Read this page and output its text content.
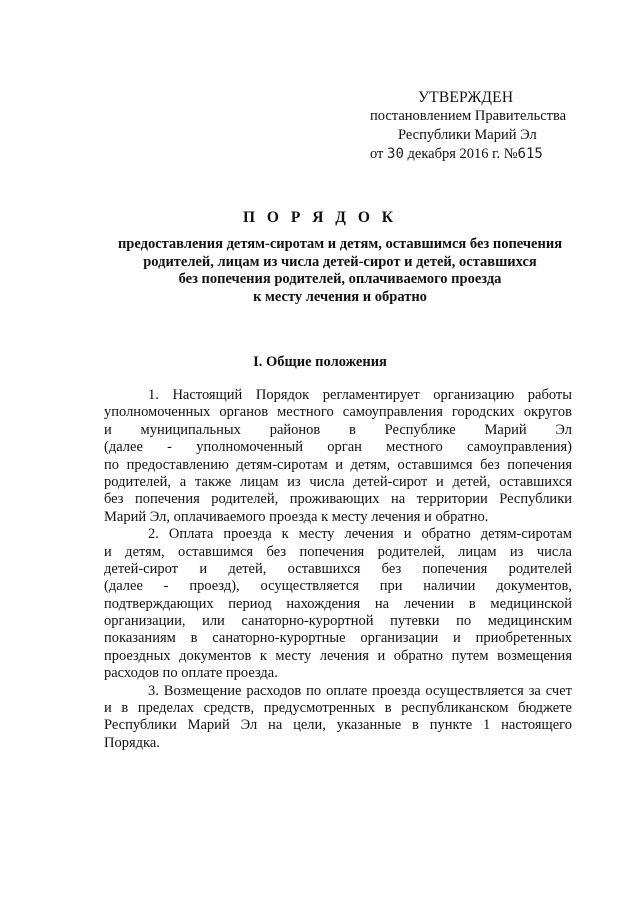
УТВЕРЖДЕН
постановлением Правительства
Республики Марий Эл
от 30 декабря 2016 г. №615
П О Р Я Д О К
предоставления детям-сиротам и детям, оставшимся без попечения
родителей, лицам из числа детей-сирот и детей, оставшихся
без попечения родителей, оплачиваемого проезда
к месту лечения и обратно
I. Общие положения
1. Настоящий Порядок регламентирует организацию работы
уполномоченных органов местного самоуправления городских округов
и муниципальных районов в Республике Марий Эл
(далее - уполномоченный орган местного самоуправления)
по предоставлению детям-сиротам и детям, оставшимся без попечения
родителей, а также лицам из числа детей-сирот и детей, оставшихся
без попечения родителей, проживающих на территории Республики
Марий Эл, оплачиваемого проезда к месту лечения и обратно.
2. Оплата проезда к месту лечения и обратно детям-сиротам
и детям, оставшимся без попечения родителей, лицам из числа
детей-сирот и детей, оставшихся без попечения родителей
(далее - проезд), осуществляется при наличии документов,
подтверждающих период нахождения на лечении в медицинской
организации, или санаторно-курортной путевки по медицинским
показаниям в санаторно-курортные организации и приобретенных
проездных документов к месту лечения и обратно путем возмещения
расходов по оплате проезда.
3. Возмещение расходов по оплате проезда осуществляется за счет
и в пределах средств, предусмотренных в республиканском бюджете
Республики Марий Эл на цели, указанные в пункте 1 настоящего
Порядка.
